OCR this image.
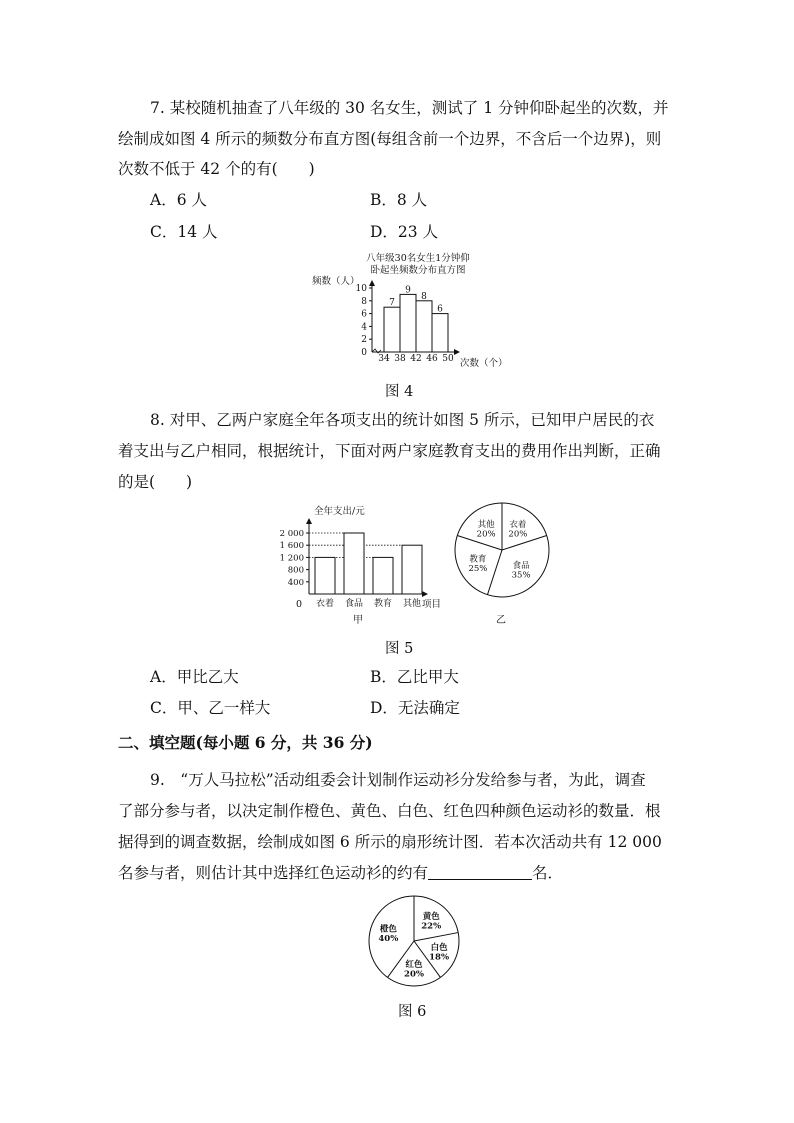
7. 某校随机抽查了八年级的 30 名女生，测试了 1 分钟仰卧起坐的次数，并
绘制成如图 4 所示的频数分布直方图(每组含前一个边界，不含后一个边界)，则
次数不低于 42 个的有(　　)
A．6 人	B．8 人
C．14 人	D．23 人
八年级30名女生1分钟仰
卧起坐频数分布直方图
频数（人）
0
2
4
6
8
10
7
9
8
6
34 38 42 46 50 次数（个）
图 4
8. 对甲、乙两户家庭全年各项支出的统计如图 5 所示，已知甲户居民的衣
着支出与乙户相同，根据统计，下面对两户家庭教育支出的费用作出判断，正确
的是(　　)
全年支出/元
400
800
1 200
1 600
2 000
衣着 食品 教育 其他
0	项目
甲
衣着
20%
食品
35%
教育
25%
其他
20%
乙
图 5
A．甲比乙大	B．乙比甲大
C．甲、乙一样大	D．无法确定
二、填空题(每小题 6 分，共 36 分)
9.　“万人马拉松”活动组委会计划制作运动衫分发给参与者，为此，调查
了部分参与者，以决定制作橙色、黄色、白色、红色四种颜色运动衫的数量．根
据得到的调查数据，绘制成如图 6 所示的扇形统计图．若本次活动共有 12 000
名参与者，则估计其中选择红色运动衫的约有	名．
黄色
22%
白色
18%
红色
20%
橙色
40%
图 6
